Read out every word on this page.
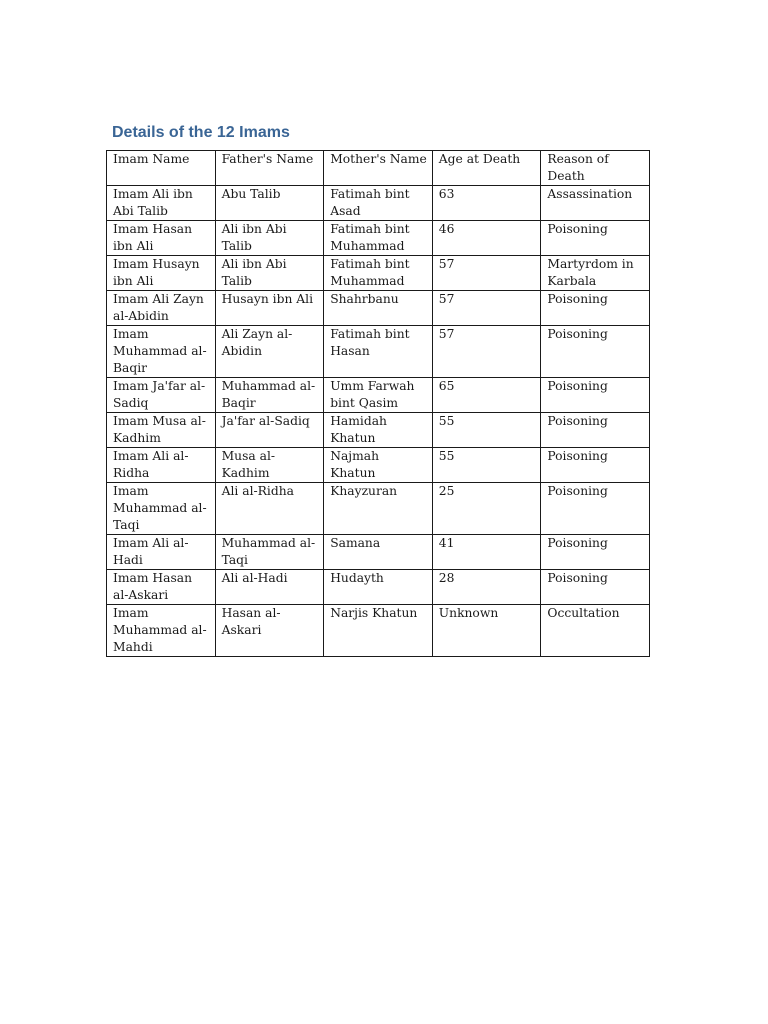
Details of the 12 Imams
Imam Name	Father's Name	Mother's Name	Age at Death	Reason of Death
Imam Ali ibn Abi Talib	Abu Talib	Fatimah bint Asad	63	Assassination
Imam Hasan ibn Ali	Ali ibn Abi Talib	Fatimah bint Muhammad	46	Poisoning
Imam Husayn ibn Ali	Ali ibn Abi Talib	Fatimah bint Muhammad	57	Martyrdom in Karbala
Imam Ali Zayn al-Abidin	Husayn ibn Ali	Shahrbanu	57	Poisoning
Imam Muhammad al-Baqir	Ali Zayn al-Abidin	Fatimah bint Hasan	57	Poisoning
Imam Ja'far al-Sadiq	Muhammad al-Baqir	Umm Farwah bint Qasim	65	Poisoning
Imam Musa al-Kadhim	Ja'far al-Sadiq	Hamidah Khatun	55	Poisoning
Imam Ali al-Ridha	Musa al-Kadhim	Najmah Khatun	55	Poisoning
Imam Muhammad al-Taqi	Ali al-Ridha	Khayzuran	25	Poisoning
Imam Ali al-Hadi	Muhammad al-Taqi	Samana	41	Poisoning
Imam Hasan al-Askari	Ali al-Hadi	Hudayth	28	Poisoning
Imam Muhammad al-Mahdi	Hasan al-Askari	Narjis Khatun	Unknown	Occultation
